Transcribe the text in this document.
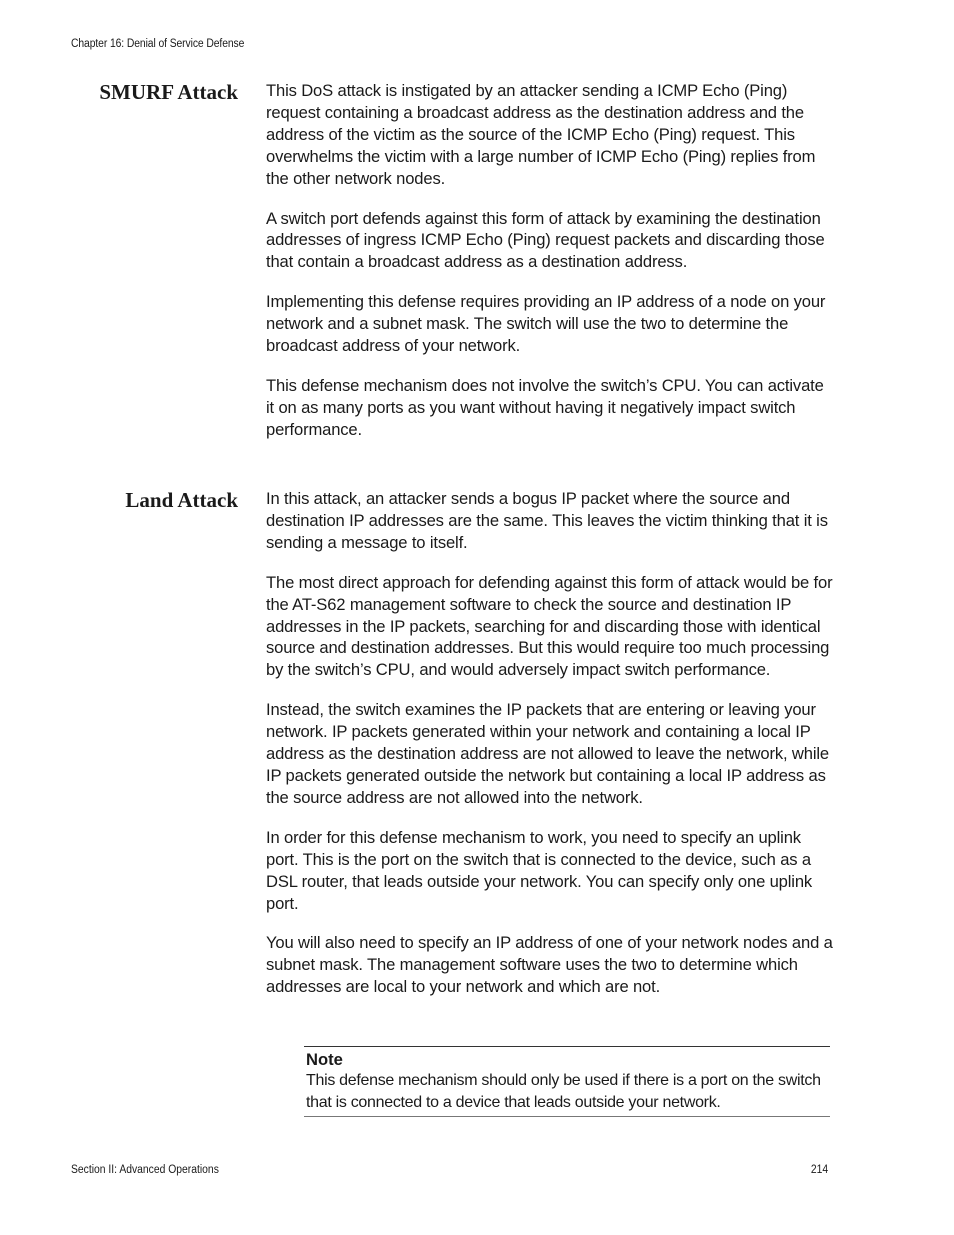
Chapter 16: Denial of Service Defense
SMURF Attack This DoS attack is instigated by an attacker sending a ICMP Echo (Ping) request containing a broadcast address as the destination address and the address of the victim as the source of the ICMP Echo (Ping) request. This overwhelms the victim with a large number of ICMP Echo (Ping) replies from the other network nodes.

A switch port defends against this form of attack by examining the destination addresses of ingress ICMP Echo (Ping) request packets and discarding those that contain a broadcast address as a destination address.

Implementing this defense requires providing an IP address of a node on your network and a subnet mask. The switch will use the two to determine the broadcast address of your network.

This defense mechanism does not involve the switch’s CPU. You can activate it on as many ports as you want without having it negatively impact switch performance.

Land Attack In this attack, an attacker sends a bogus IP packet where the source and destination IP addresses are the same. This leaves the victim thinking that it is sending a message to itself.

The most direct approach for defending against this form of attack would be for the AT-S62 management software to check the source and destination IP addresses in the IP packets, searching for and discarding those with identical source and destination addresses. But this would require too much processing by the switch’s CPU, and would adversely impact switch performance.

Instead, the switch examines the IP packets that are entering or leaving your network. IP packets generated within your network and containing a local IP address as the destination address are not allowed to leave the network, while IP packets generated outside the network but containing a local IP address as the source address are not allowed into the network.

In order for this defense mechanism to work, you need to specify an uplink port. This is the port on the switch that is connected to the device, such as a DSL router, that leads outside your network. You can specify only one uplink port.

You will also need to specify an IP address of one of your network nodes and a subnet mask. The management software uses the two to determine which addresses are local to your network and which are not.

Note

This defense mechanism should only be used if there is a port on the switch that is connected to a device that leads outside your network.

Section II: Advanced Operations	214
